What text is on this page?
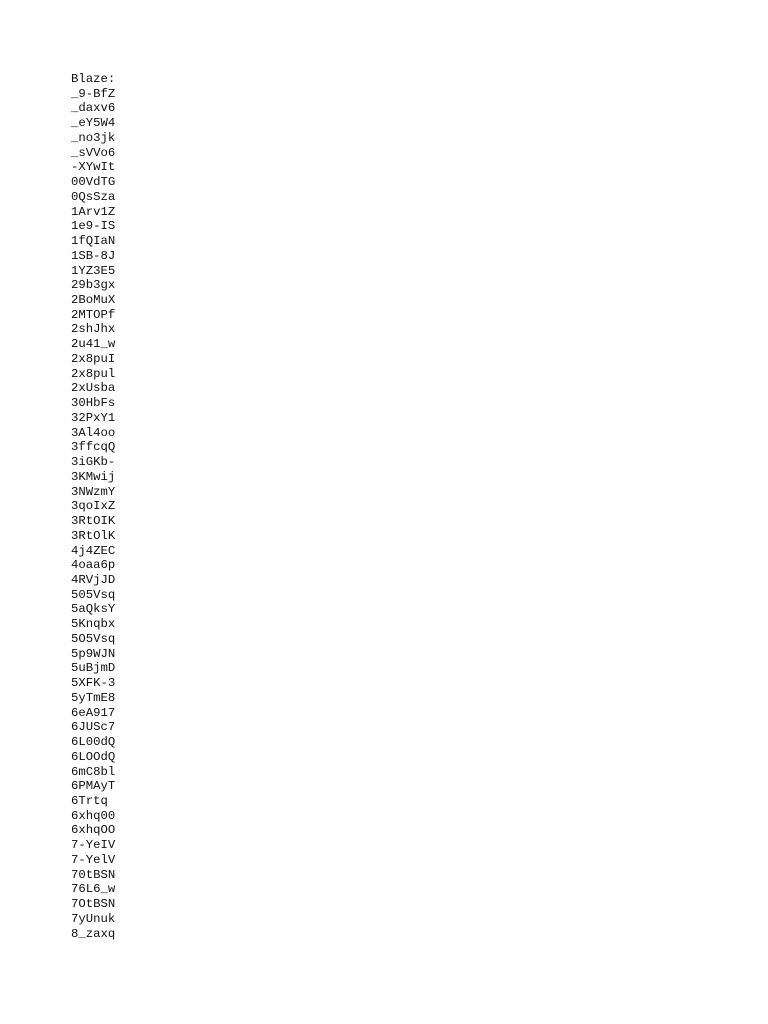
Blaze:
_9-BfZ
_daxv6
_eY5W4
_no3jk
_sVVo6
-XYwIt
00VdTG
0QsSza
1Arv1Z
1e9-IS
1fQIaN
1SB-8J
1YZ3E5
29b3gx
2BoMuX
2MTOPf
2shJhx
2u41_w
2x8puI
2x8pul
2xUsba
30HbFs
32PxY1
3Al4oo
3ffcqQ
3iGKb-
3KMwij
3NWzmY
3qoIxZ
3RtOIK
3RtOlK
4j4ZEC
4oaa6p
4RVjJD
505Vsq
5aQksY
5Knqbx
5O5Vsq
5p9WJN
5uBjmD
5XFK-3
5yTmE8
6eA917
6JUSc7
6L00dQ
6LOOdQ
6mC8bl
6PMAyT
6Trtq
6xhq00
6xhqOO
7-YeIV
7-YelV
70tBSN
76L6_w
7OtBSN
7yUnuk
8_zaxq
